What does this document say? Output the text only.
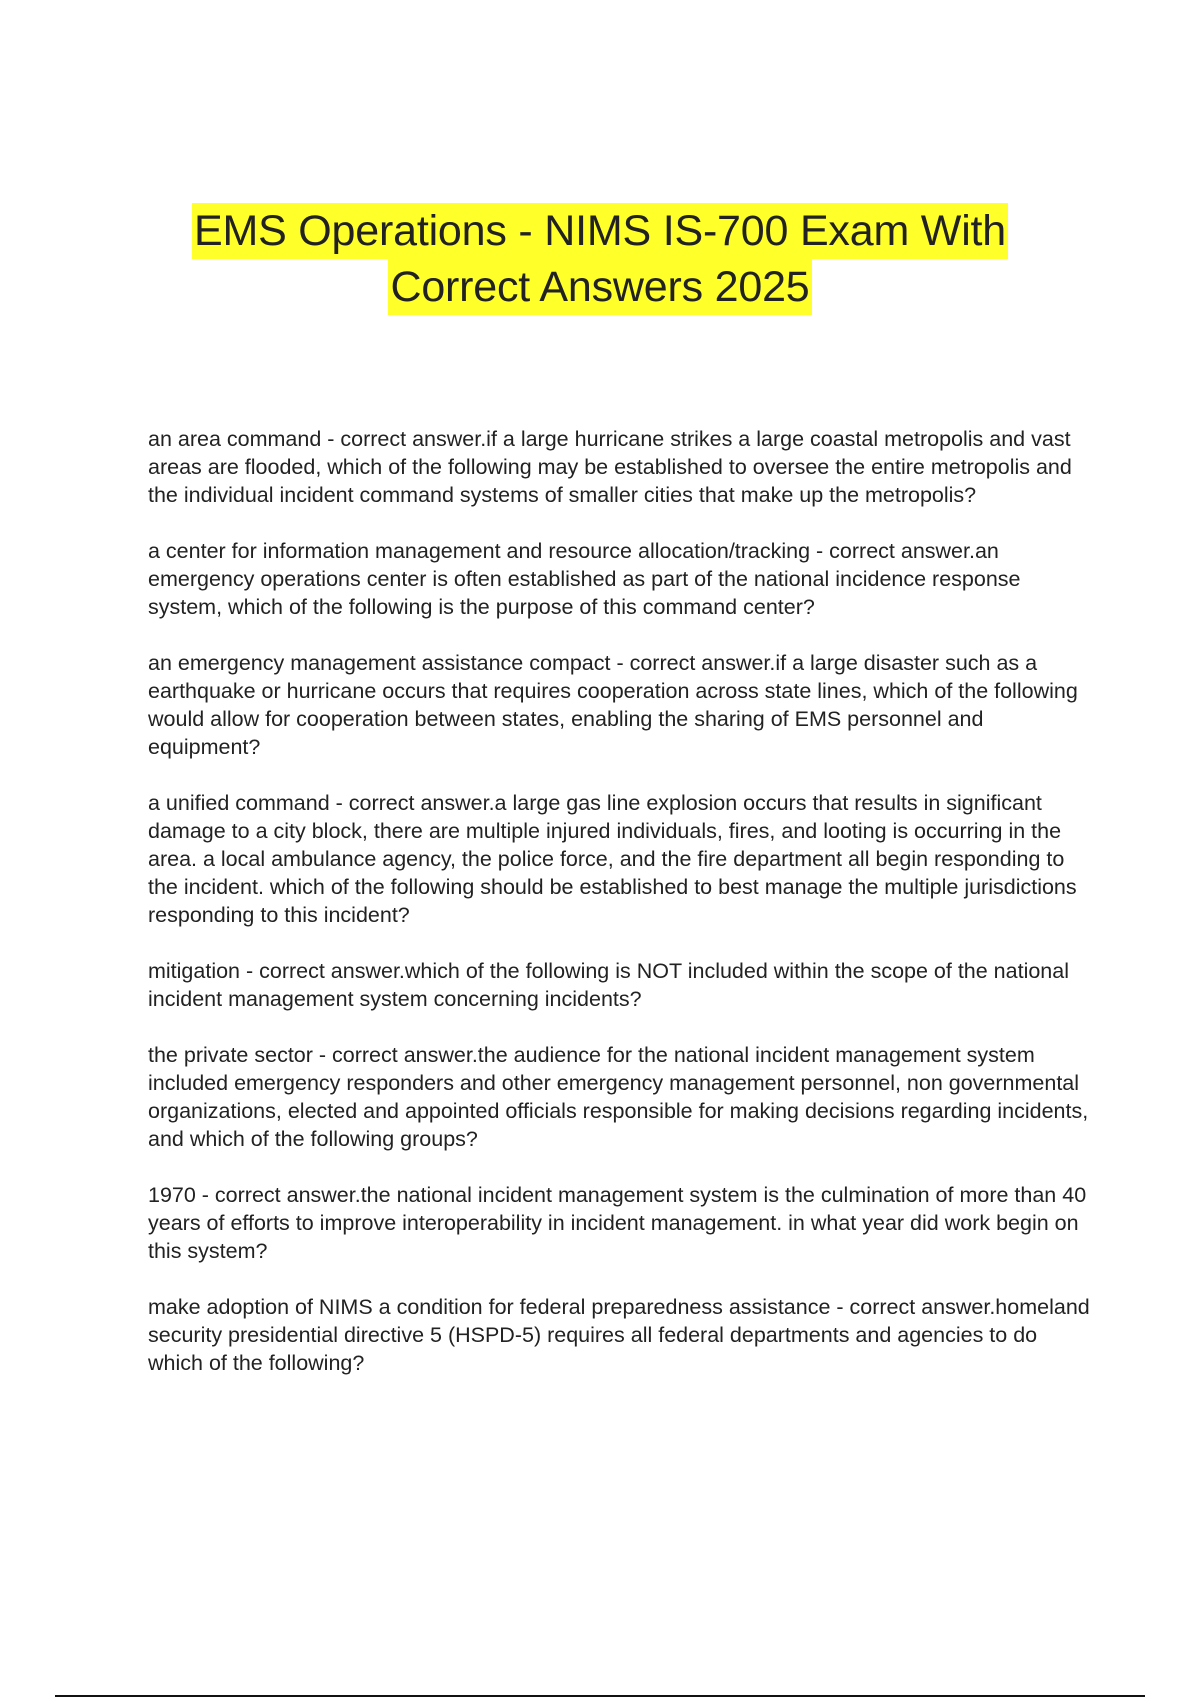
EMS Operations - NIMS IS-700 Exam With
Correct Answers 2025

an area command - correct answer.if a large hurricane strikes a large coastal metropolis and vast areas are flooded, which of the following may be established to oversee the entire metropolis and the individual incident command systems of smaller cities that make up the metropolis?

a center for information management and resource allocation/tracking - correct answer.an emergency operations center is often established as part of the national incidence response system, which of the following is the purpose of this command center?

an emergency management assistance compact - correct answer.if a large disaster such as a earthquake or hurricane occurs that requires cooperation across state lines, which of the following would allow for cooperation between states, enabling the sharing of EMS personnel and equipment?

a unified command - correct answer.a large gas line explosion occurs that results in significant damage to a city block, there are multiple injured individuals, fires, and looting is occurring in the area. a local ambulance agency, the police force, and the fire department all begin responding to the incident. which of the following should be established to best manage the multiple jurisdictions responding to this incident?

mitigation - correct answer.which of the following is NOT included within the scope of the national incident management system concerning incidents?

the private sector - correct answer.the audience for the national incident management system included emergency responders and other emergency management personnel, non governmental organizations, elected and appointed officials responsible for making decisions regarding incidents, and which of the following groups?

1970 - correct answer.the national incident management system is the culmination of more than 40 years of efforts to improve interoperability in incident management. in what year did work begin on this system?

make adoption of NIMS a condition for federal preparedness assistance - correct answer.homeland security presidential directive 5 (HSPD-5) requires all federal departments and agencies to do which of the following?
